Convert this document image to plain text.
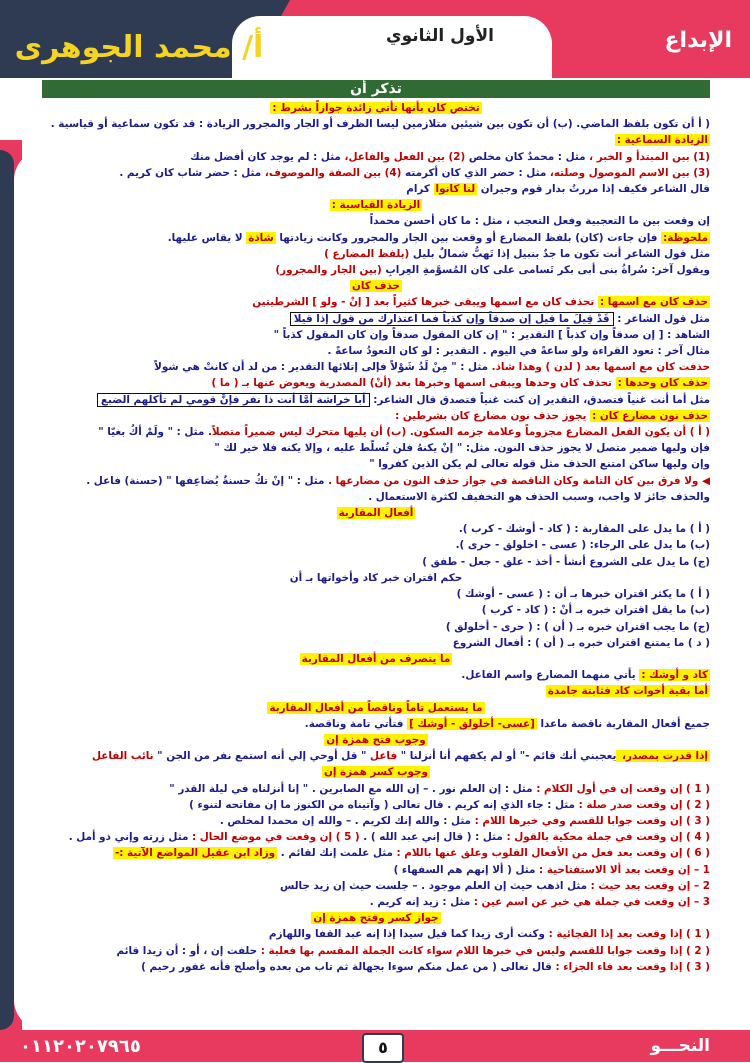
أ/ محمد الجوهرى	الأول الثانوي	الإبداع
تذكر أن
تختص كان بأنها تأتي زائدة جوازاً بشرط :
( أ أن تكون بلفظ الماضي. (ب) أن تكون بين شيئين متلازمين ليسا الظرف أو الجار والمجرور الزيادة : قد تكون سماعية أو قياسية .
الزيادة السماعية :
(1) بين المبتدأ و الخبر ، مثل : محمدٌ كان مخلص (2) بين الفعل والفاعل، مثل : لم يوجد كان أفضل منك
(3) بين الاسم الموصول وصلته، مثل : حضر الذي كان أكرمته (4) بين الصفة والموصوف، مثل : حضر شاب كان كريم .
قال الشاعر فكيف إذا مررتُ بدار قوم وجيران لنا كانوا كرام
الزيادة القياسية :
إن وقعت بين ما التعجبية وفعل التعجب ، مثل : ما كان أحسن محمداً
ملحوظة: فإن جاءت (كان) بلفظ المضارع أو وقعت بين الجار والمجرور وكانت زيادتها شاذة لا يقاس عليها.
مثل قول الشاعر أنت تكون ما جدٌ بنبيل إذا تَهبُّ شمالٌ بليل (بلفظ المضارع )
ويقول آخر: سُراةُ بنى أبى بكر تَسامى على كان المُسوَّمةِ العِرابِ (بين الجار والمجرور)
حذف كان
حذف كان مع اسمها : تحذف كان مع اسمها ويبقى خبرها كثيراً بعد [ إنْ - ولو ] الشرطيتين
مثل قول الشاعر : قَدْ قِيلَ ما قيل إن صدقاً وإن كذباً فما اعتذارك من قول إذا قيلا
الشاهد : [ إن صدقاً وإن كذباً ] التقدير : " إن كان المقول صدقاً وإن كان المقول كذباً "
مثال آخر : تعود القراءة ولو ساعةً في اليوم . التقدير : لو كان التعودُ ساعةً .
حذفت كان مع اسمها بعد ( لدن ) وهذا شاذ. مثل : " مِنْ لَدُ شَوْلاً فإلى إتلائها التقدير : من لد أن كانتْ هي شولاً
حذف كان وحدها : تحذف كان وحدها ويبقى اسمها وخبرها بعد (أنْ) المصدرية ويعوض عنها بـ ( ما )
مثل أما أنت غنياً فتصدق، التقدير إن كنت غنياً فتصدق قال الشاعر: أبا خراشة أمَّا أنت ذا نفر فإنَّ قومي لم تأكلهم الضبع
حذف نون مضارع كان : يجوز حذف نون مضارع كان بشرطين :
( أ ) أن يكون الفعل المضارع مجزوماً وعلامة جزمه السكون. (ب) أن يليها متحرك ليس ضميراً متصلاً. مثل : " ولَمْ أكُ بغيّا "
فإن وليها ضمير متصل لا يجوز حذف النون. مثل: " إنْ يكنهُ فلن تُسلَّط عليه ، وإلا يكنه فلا خير لك "
وإن وليها ساكن امتنع الحذف مثل قوله تعالى لم يكن الذين كفروا "
◀ ولا فرق بين كان التامة وكان الناقصة في جواز حذف النون من مضارعها . مثل : " إنْ تكُ حسنةٌ يُضاعِفها " (حسنة) فاعل .
والحذف جائز لا واجب، وسبب الحذف هو التخفيف لكثرة الاستعمال .
أفعال المقاربة
( أ ) ما يدل على المقاربة : ( كاد - أوشك - كرب ).
(ب) ما يدل على الرجاء: ( عسى - اخلولق - حرى ).
(ج) ما يدل على الشروع أنشأ - أخذ - علق - جعل - طفق )
حكم اقتران خبر كاد وأخواتها بـ أن
( أ ) ما يكثر اقتران خبرها بـ أن : ( عسى - أوشك )
(ب) ما يقل اقتران خبره بـ أنْ : ( كاد - كرب )
(ج) ما يجب اقتران خبره بـ ( أن ) : ( حرى - أخلولق )
( د ) ما يمتنع اقتران خبره بـ ( أن ) : أفعال الشروع
ما يتصرف من أفعال المقاربة
كاد و أوشك : يأتي منهما المضارع واسم الفاعل.
أما بقية أخوات كاد فثابتة جامدة
ما يستعمل تاماً وناقصاً من أفعال المقاربة
جميع أفعال المقاربة ناقصة ماعدا [عسى- أخلولق - أوشك ] فتأتي تامة وناقصة.
وجوب فتح همزة إن
إذا قدرت بمصدر، يعجبني أنك قائم -" أو لم يكفهم أنا أنزلنا " فاعل " قل أوحي إلي أنه استمع نفر من الجن " نائب الفاعل
وجوب كسر همزة إن
( 1 ) إن وقعت إن في أول الكلام : مثل : إن العلم نور . – إن الله مع الصابرين . " إنا أنزلناه في ليلة القدر "
( 2 ) إن وقعت صدر صلة : مثل : جاء الذي إنه كريم . قال تعالى ( وآتيناه من الكنوز ما إن مفاتحه لتنوء )
( 3 ) إن وقعت جوابا للقسم وفي خبرها اللام : مثل : والله إنك لكريم . – والله إن محمدا لمخلص .
( 4 ) إن وقعت في جملة محكية بالقول : مثل : ( قال إني عبد الله ) . ( 5 ) إن وقعت في موضع الحال : مثل زرته وإني ذو أمل .
( 6 ) إن وقعت بعد فعل من الأفعال القلوب وعلق عنها باللام : مثل علمت إنك لقائم . وزاد ابن عقيل المواضع الآتية :-
1 – إن وقعت بعد ألا الاستفتاحية : مثل ( ألا إنهم هم السفهاء )
2 – إن وقعت بعد حيث : مثل اذهب حيث إن العلم موجود . – جلست حيث إن زيد جالس
3 – إن وقعت في جملة هي خبر عن اسم عين : مثل : زيد إنه كريم .
جواز كسر وفتح همزة إن
( 1 ) إذا وقعت بعد إذا الفجائية : وكنت أرى زيدا كما قيل سيدا إذا إنه عبد القفا واللهازم
( 2 ) إذا وقعت جوابا للقسم وليس في خبرها اللام سواء كانت الجملة المقسم بها فعلية : حلفت إن ، أو : أن زيدا قائم
( 3 ) إذا وقعت بعد فاء الجزاء : قال تعالى ( من عمل منكم سوءا بجهالة ثم تاب من بعده وأصلح فأنه غفور رحيم )
٠١١٢٠٢٠٧٩٦٥	النحـــو
٥
